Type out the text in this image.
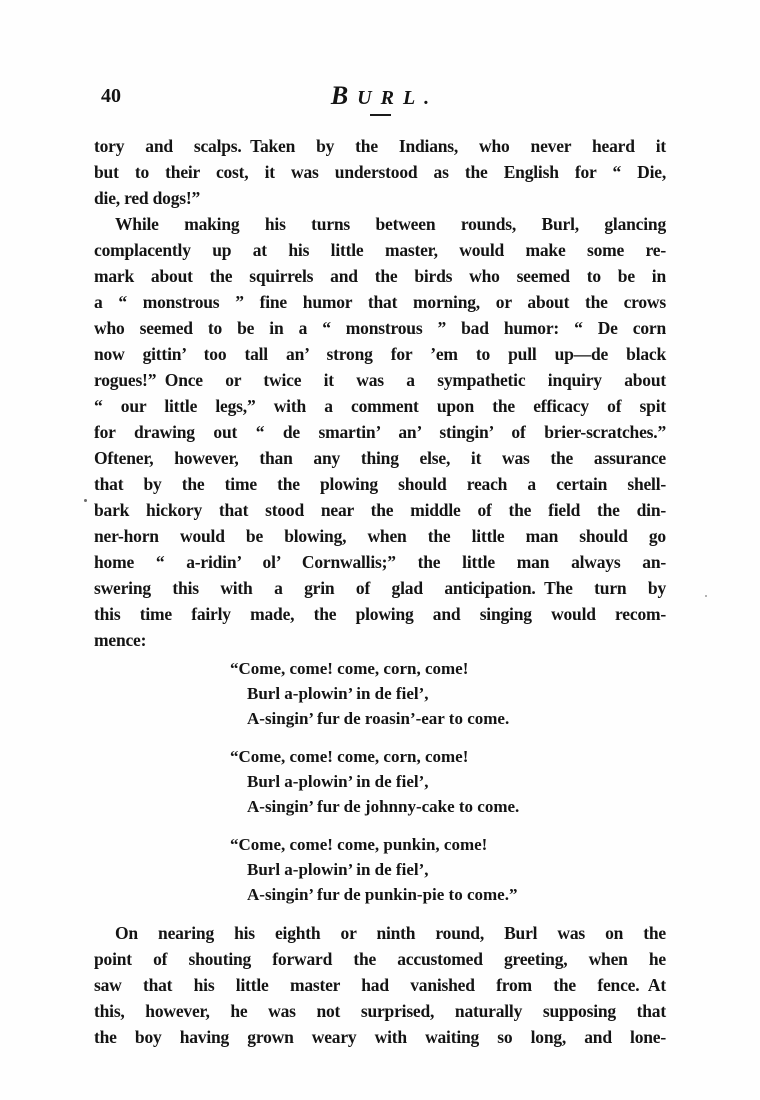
40	BURL.
tory and scalps. Taken by the Indians, who never heard it
but to their cost, it was understood as the English for “ Die,
die, red dogs!”
While making his turns between rounds, Burl, glancing
complacently up at his little master, would make some re-
mark about the squirrels and the birds who seemed to be in
a “ monstrous ” fine humor that morning, or about the crows
who seemed to be in a “ monstrous ” bad humor: “ De corn
now gittin’ too tall an’ strong for ’em to pull up—de black
rogues!” Once or twice it was a sympathetic inquiry about
“ our little legs,” with a comment upon the efficacy of spit
for drawing out “ de smartin’ an’ stingin’ of brier-scratches.”
Oftener, however, than any thing else, it was the assurance
that by the time the plowing should reach a certain shell-
bark hickory that stood near the middle of the field the din-
ner-horn would be blowing, when the little man should go
home “ a-ridin’ ol’ Cornwallis;” the little man always an-
swering this with a grin of glad anticipation. The turn by
this time fairly made, the plowing and singing would recom-
mence:
“Come, come! come, corn, come!
Burl a-plowin’ in de fiel’,
A-singin’ fur de roasin’-ear to come.
“Come, come! come, corn, come!
Burl a-plowin’ in de fiel’,
A-singin’ fur de johnny-cake to come.
“Come, come! come, punkin, come!
Burl a-plowin’ in de fiel’,
A-singin’ fur de punkin-pie to come.”
On nearing his eighth or ninth round, Burl was on the
point of shouting forward the accustomed greeting, when he
saw that his little master had vanished from the fence. At
this, however, he was not surprised, naturally supposing that
the boy having grown weary with waiting so long, and lone-
